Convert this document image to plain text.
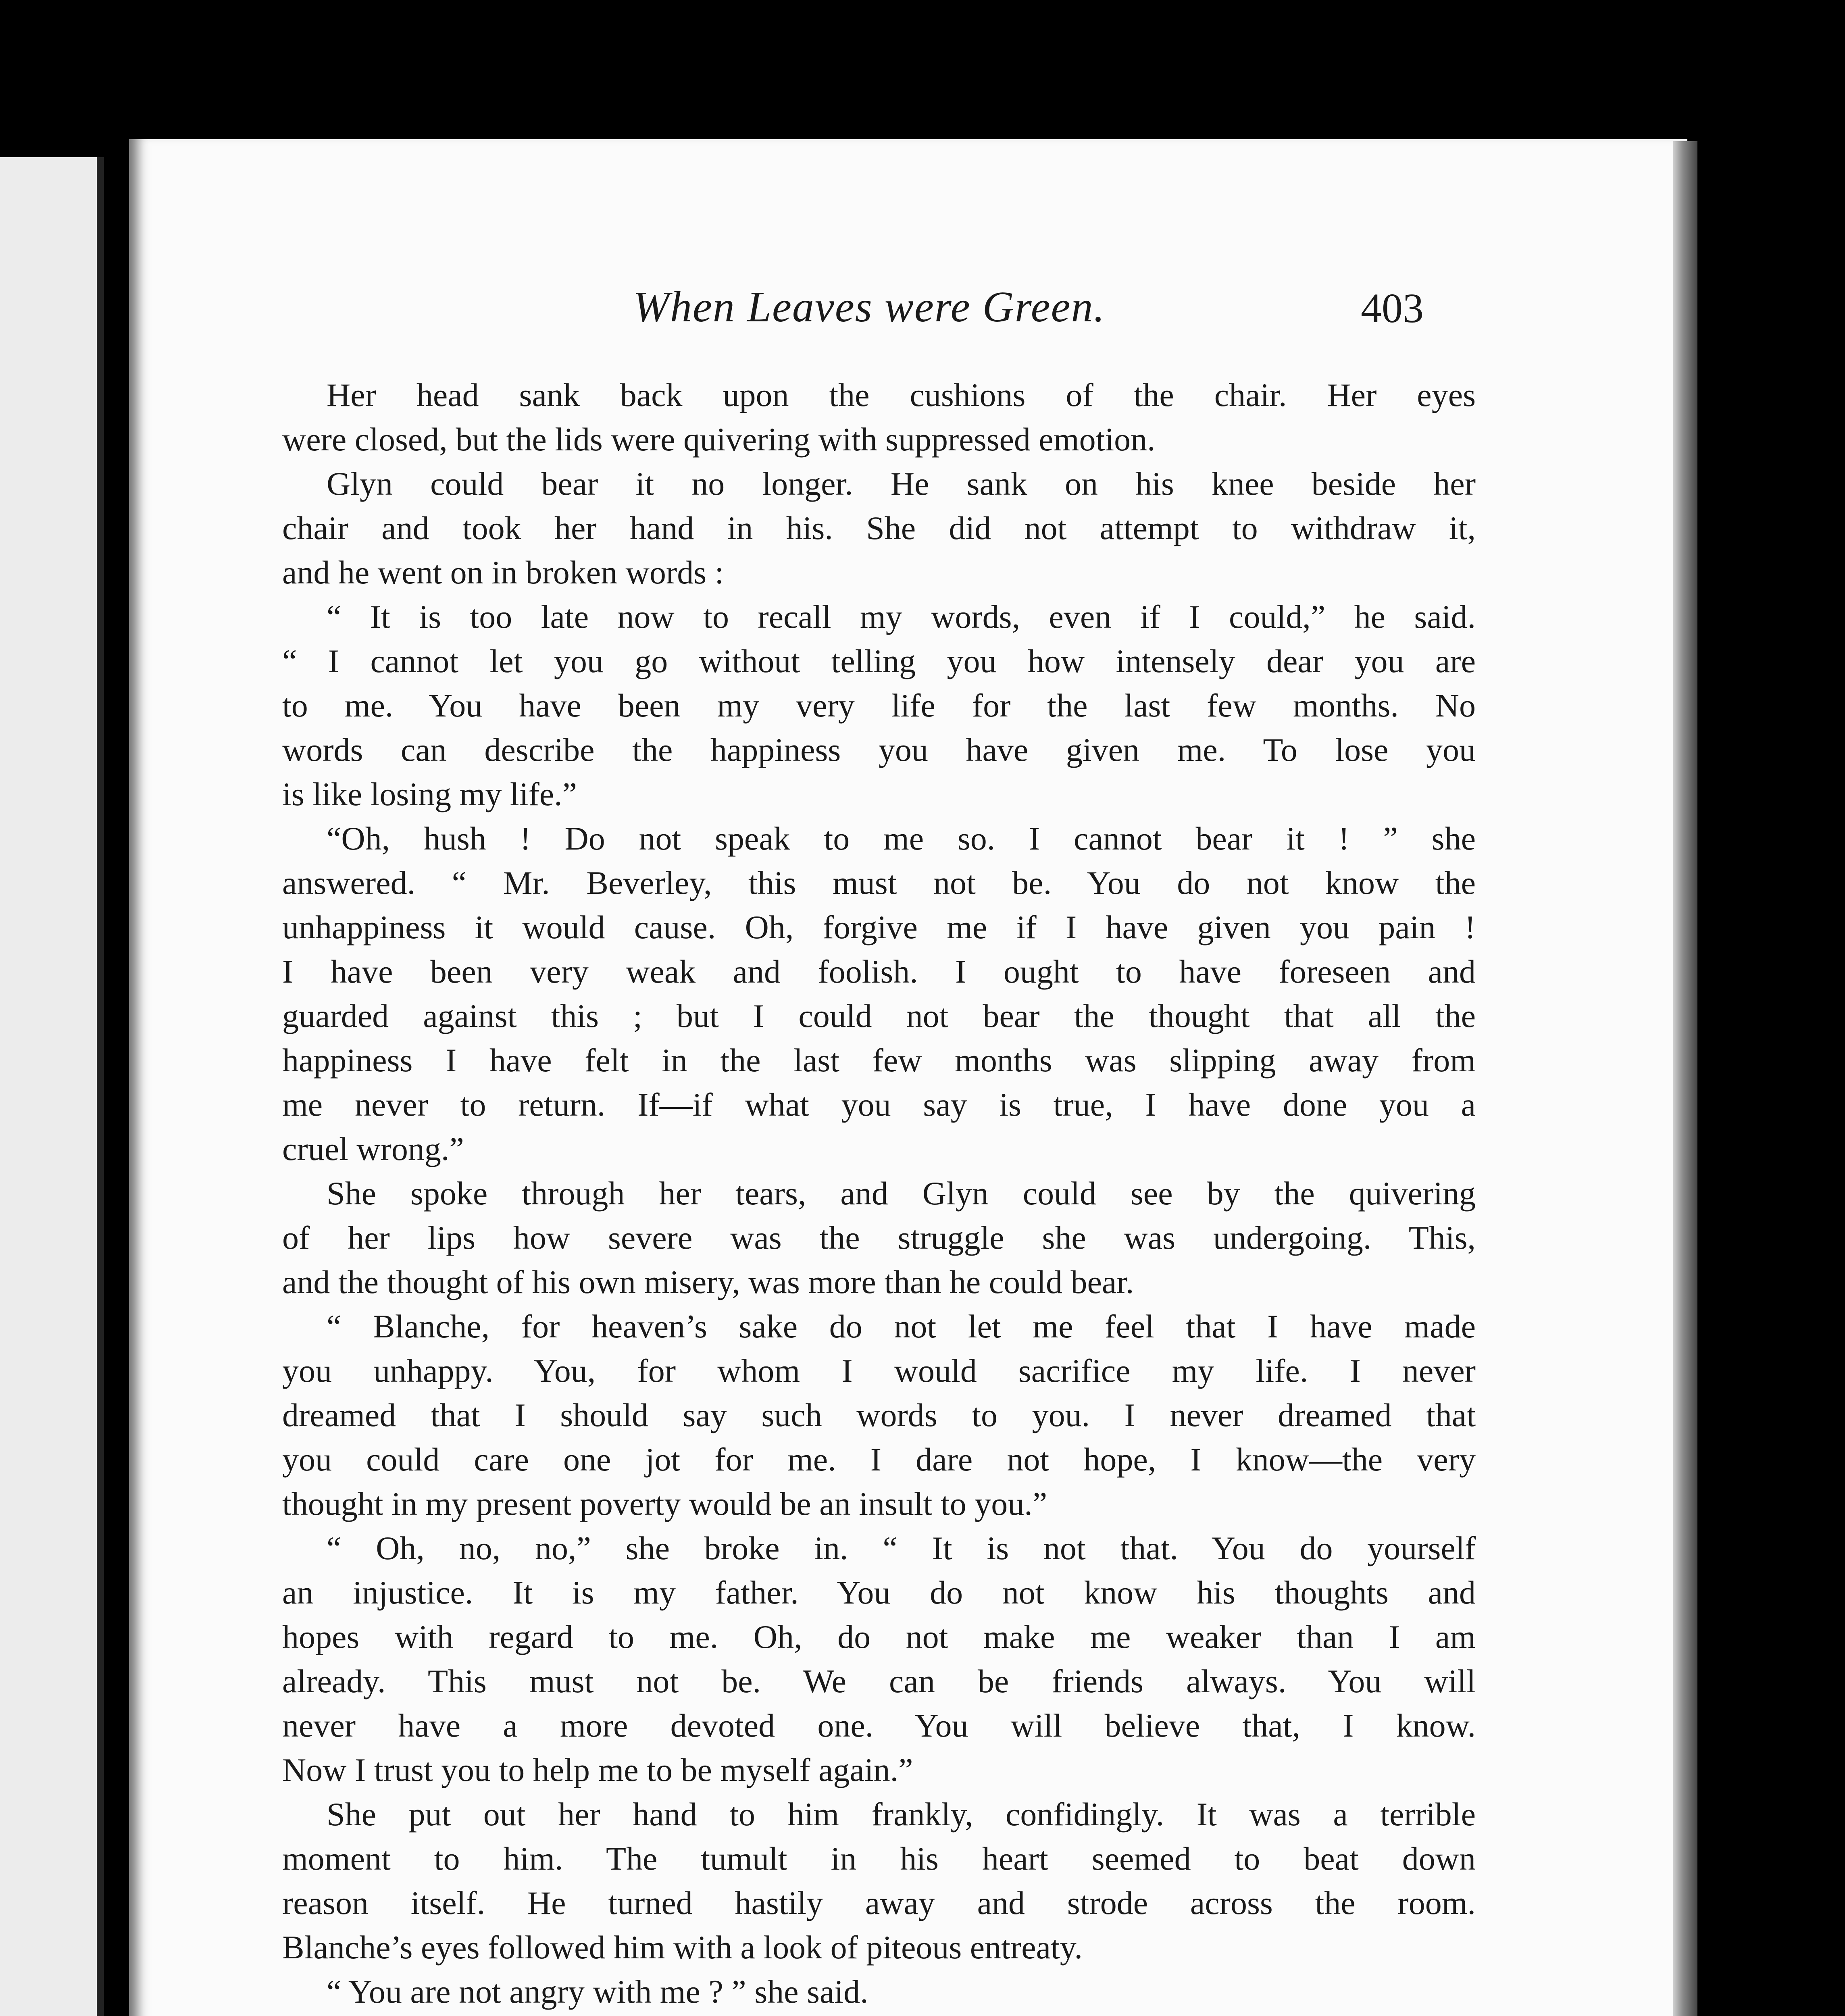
When Leaves were Green.	403
Her head sank back upon the cushions of the chair. Her eyes
were closed, but the lids were quivering with suppressed emotion.
Glyn could bear it no longer. He sank on his knee beside her
chair and took her hand in his. She did not attempt to withdraw it,
and he went on in broken words :
“ It is too late now to recall my words, even if I could,” he said.
“ I cannot let you go without telling you how intensely dear you are
to me. You have been my very life for the last few months. No
words can describe the happiness you have given me. To lose you
is like losing my life.”
“Oh, hush ! Do not speak to me so. I cannot bear it ! ” she
answered. “ Mr. Beverley, this must not be. You do not know the
unhappiness it would cause. Oh, forgive me if I have given you pain !
I have been very weak and foolish. I ought to have foreseen and
guarded against this ; but I could not bear the thought that all the
happiness I have felt in the last few months was slipping away from
me never to return. If—if what you say is true, I have done you a
cruel wrong.”
She spoke through her tears, and Glyn could see by the quivering
of her lips how severe was the struggle she was undergoing. This,
and the thought of his own misery, was more than he could bear.
“ Blanche, for heaven’s sake do not let me feel that I have made
you unhappy. You, for whom I would sacrifice my life. I never
dreamed that I should say such words to you. I never dreamed that
you could care one jot for me. I dare not hope, I know—the very
thought in my present poverty would be an insult to you.”
“ Oh, no, no,” she broke in. “ It is not that. You do yourself
an injustice. It is my father. You do not know his thoughts and
hopes with regard to me. Oh, do not make me weaker than I am
already. This must not be. We can be friends always. You will
never have a more devoted one. You will believe that, I know.
Now I trust you to help me to be myself again.”
She put out her hand to him frankly, confidingly. It was a terrible
moment to him. The tumult in his heart seemed to beat down
reason itself. He turned hastily away and strode across the room.
Blanche’s eyes followed him with a look of piteous entreaty.
“ You are not angry with me ? ” she said.
